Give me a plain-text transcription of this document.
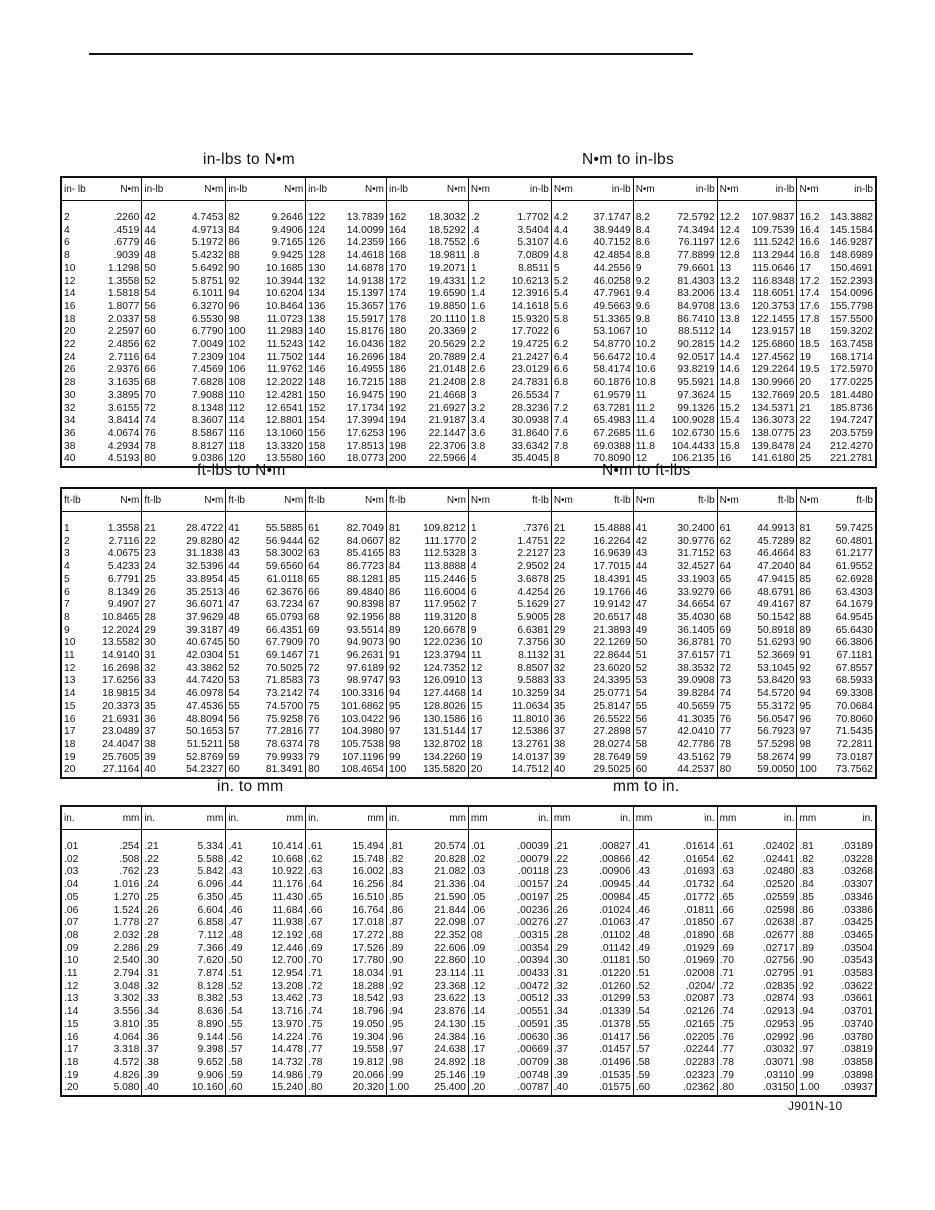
in-lbs to N•m	N•m to in-lbs
in- lb	N•m	in-lb	N•m	in-lb	N•m	in-lb	N•m	in-lb	N•m	N•m	in-lb	N•m	in-lb	N•m	in-lb	N•m	in-lb	N•m	in-lb

2	.2260	42	4.7453	82	9.2646	122	13.7839	162	18.3032	.2	1.7702	4.2	37.1747	8.2	72.5792	12.2	107.9837	16.2	143.3882
4	.4519	44	4.9713	84	9.4906	124	14.0099	164	18.5292	.4	3.5404	4.4	38.9449	8.4	74.3494	12.4	109.7539	16.4	145.1584
6	.6779	46	5.1972	86	9.7165	126	14.2359	166	18.7552	.6	5.3107	4.6	40.7152	8.6	76.1197	12.6	111.5242	16.6	146.9287
8	.9039	48	5.4232	88	9.9425	128	14.4618	168	18.9811	.8	7.0809	4.8	42.4854	8.8	77.8899	12.8	113.2944	16.8	148.6989
10	1.1298	50	5.6492	90	10.1685	130	14.6878	170	19.2071	1	8.8511	5	44.2556	9	79.6601	13	115.0646	17	150.4691
12	1.3558	52	5.8751	92	10.3944	132	14.9138	172	19.4331	1.2	10.6213	5.2	46.0258	9.2	81.4303	13.2	116.8348	17.2	152.2393
14	1.5818	54	6.1011	94	10.6204	134	15.1397	174	19.6590	1.4	12.3916	5.4	47.7961	9.4	83.2006	13.4	118.6051	17.4	154.0096
16	1.8077	56	6.3270	96	10.8464	136	15.3657	176	19.8850	1.6	14.1618	5.6	49.5663	9.6	84.9708	13.6	120.3753	17.6	155.7798
18	2.0337	58	6.5530	98	11.0723	138	15.5917	178	20.1110	1.8	15.9320	5.8	51.3365	9.8	86.7410	13.8	122.1455	17.8	157.5500
20	2.2597	60	6.7790	100	11.2983	140	15.8176	180	20.3369	2	17.7022	6	53.1067	10	88.5112	14	123.9157	18	159.3202
22	2.4856	62	7.0049	102	11.5243	142	16.0436	182	20.5629	2.2	19.4725	6.2	54.8770	10.2	90.2815	14.2	125.6860	18.5	163.7458
24	2.7116	64	7.2309	104	11.7502	144	16.2696	184	20.7889	2.4	21.2427	6.4	56.6472	10.4	92.0517	14.4	127.4562	19	168.1714
26	2.9376	66	7.4569	106	11.9762	146	16.4955	186	21.0148	2.6	23.0129	6.6	58.4174	10.6	93.8219	14.6	129.2264	19.5	172.5970
28	3.1635	68	7.6828	108	12.2022	148	16.7215	188	21.2408	2.8	24.7831	6.8	60.1876	10.8	95.5921	14.8	130.9966	20	177.0225
30	3.3895	70	7.9088	110	12.4281	150	16.9475	190	21.4668	3	26.5534	7	61.9579	11	97.3624	15	132.7669	20.5	181.4480
32	3.6155	72	8.1348	112	12.6541	152	17.1734	192	21.6927	3.2	28.3236	7.2	63.7281	11.2	99.1326	15.2	134.5371	21	185.8736
34	3.8414	74	8.3607	114	12.8801	154	17.3994	194	21.9187	3.4	30.0938	7.4	65.4983	11.4	100.9028	15.4	136.3073	22	194.7247
36	4.0674	76	8.5867	116	13.1060	156	17.6253	196	22.1447	3.6	31.8640	7.6	67.2685	11.6	102.6730	15.6	138.0775	23	203.5759
38	4.2934	78	8.8127	118	13.3320	158	17.8513	198	22.3706	3.8	33.6342	7.8	69.0388	11.8	104.4433	15.8	139.8478	24	212.4270
40	4.5193	80	9.0386	120	13.5580	160	18.0773	200	22.5966	4	35.4045	8	70.8090	12	106.2135	16	141.6180	25	221.2781

ft-lbs to N•m	N•m to ft-lbs
ft-lb	N•m	ft-lb	N•m	ft-lb	N•m	ft-lb	N•m	ft-lb	N•m	N•m	ft-lb	N•m	ft-lb	N•m	ft-lb	N•m	ft-lb	N•m	ft-lb

1	1.3558	21	28.4722	41	55.5885	61	82.7049	81	109.8212	1	.7376	21	15.4888	41	30.2400	61	44.9913	81	59.7425
2	2.7116	22	29.8280	42	56.9444	62	84.0607	82	111.1770	2	1.4751	22	16.2264	42	30.9776	62	45.7289	82	60.4801
3	4.0675	23	31.1838	43	58.3002	63	85.4165	83	112.5328	3	2.2127	23	16.9639	43	31.7152	63	46.4664	83	61.2177
4	5.4233	24	32.5396	44	59.6560	64	86.7723	84	113.8888	4	2.9502	24	17.7015	44	32.4527	64	47.2040	84	61.9552
5	6.7791	25	33.8954	45	61.0118	65	88.1281	85	115.2446	5	3.6878	25	18.4391	45	33.1903	65	47.9415	85	62.6928
6	8.1349	26	35.2513	46	62.3676	66	89.4840	86	116.6004	6	4.4254	26	19.1766	46	33.9279	66	48.6791	86	63.4303
7	9.4907	27	36.6071	47	63.7234	67	90.8398	87	117.9562	7	5.1629	27	19.9142	47	34.6654	67	49.4167	87	64.1679
8	10.8465	28	37.9629	48	65.0793	68	92.1956	88	119.3120	8	5.9005	28	20.6517	48	35.4030	68	50.1542	88	64.9545
9	12.2024	29	39.3187	49	66.4351	69	93.5514	89	120.6678	9	6.6381	29	21.3893	49	36.1405	69	50.8918	89	65.6430
10	13.5582	30	40.6745	50	67.7909	70	94.9073	90	122.0236	10	7.3756	30	22.1269	50	36.8781	70	51.6293	90	66.3806
11	14.9140	31	42.0304	51	69.1467	71	96.2631	91	123.3794	11	8.1132	31	22.8644	51	37.6157	71	52.3669	91	67.1181
12	16.2698	32	43.3862	52	70.5025	72	97.6189	92	124.7352	12	8.8507	32	23.6020	52	38.3532	72	53.1045	92	67.8557
13	17.6256	33	44.7420	53	71.8583	73	98.9747	93	126.0910	13	9.5883	33	24.3395	53	39.0908	73	53.8420	93	68.5933
14	18.9815	34	46.0978	54	73.2142	74	100.3316	94	127.4468	14	10.3259	34	25.0771	54	39.8284	74	54.5720	94	69.3308
15	20.3373	35	47.4536	55	74.5700	75	101.6862	95	128.8026	15	11.0634	35	25.8147	55	40.5659	75	55.3172	95	70.0684
16	21.6931	36	48.8094	56	75.9258	76	103.0422	96	130.1586	16	11.8010	36	26.5522	56	41.3035	76	56.0547	96	70.8060
17	23.0489	37	50.1653	57	77.2816	77	104.3980	97	131.5144	17	12.5386	37	27.2898	57	42.0410	77	56.7923	97	71.5435
18	24.4047	38	51.5211	58	78.6374	78	105.7538	98	132.8702	18	13.2761	38	28.0274	58	42.7786	78	57.5298	98	72.2811
19	25.7605	39	52.8769	59	79.9933	79	107.1196	99	134.2260	19	14.0137	39	28.7649	59	43.5162	79	58.2674	99	73.0187
20	27.1164	40	54.2327	60	81.3491	80	108.4654	100	135.5820	20	14.7512	40	29.5025	60	44.2537	80	59.0050	100	73.7562

in. to mm	mm to in.
in.	mm	in.	mm	in.	mm	in.	mm	in.	mm	mm	in.	mm	in.	mm	in.	mm	in.	mm	in.

.01	.254	.21	5.334	.41	10.414	.61	15.494	.81	20.574	.01	.00039	.21	.00827	.41	.01614	.61	.02402	.81	.03189
.02	.508	.22	5.588	.42	10.668	.62	15.748	.82	20.828	.02	.00079	.22	.00866	.42	.01654	.62	.02441	.82	.03228
.03	.762	.23	5.842	.43	10.922	.63	16.002	.83	21.082	.03	.00118	.23	.00906	.43	.01693	.63	.02480	.83	.03268
.04	1.016	.24	6.096	.44	11.176	.64	16.256	.84	21.336	.04	.00157	.24	.00945	.44	.01732	.64	.02520	.84	.03307
.05	1.270	.25	6.350	.45	11.430	.65	16.510	.85	21.590	.05	.00197	.25	.00984	.45	.01772	.65	.02559	.85	.03346
.06	1.524	.26	6.604	.46	11.684	.66	16.764	.86	21.844	.06	.00236	.26	.01024	.46	.01811	.66	.02598	.86	.03386
.07	1.778	.27	6.858	.47	11.938	.67	17.018	.87	22.098	.07	.00276	.27	.01063	.47	.01850	.67	.02638	.87	.03425
.08	2.032	.28	7.112	.48	12.192	.68	17.272	.88	22.352	08	.00315	.28	.01102	.48	.01890	.68	.02677	.88	.03465
.09	2.286	.29	7.366	.49	12.446	.69	17.526	.89	22.606	.09	.00354	.29	.01142	.49	.01929	.69	.02717	.89	.03504
.10	2.540	.30	7.620	.50	12.700	.70	17.780	.90	22.860	.10	.00394	.30	.01181	.50	.01969	.70	.02756	.90	.03543
.11	2.794	.31	7.874	.51	12.954	.71	18.034	.91	23.114	.11	.00433	.31	.01220	.51	.02008	.71	.02795	.91	.03583
.12	3.048	.32	8.128	.52	13.208	.72	18.288	.92	23.368	.12	.00472	.32	.01260	.52	.0204/	.72	.02835	.92	.03622
.13	3.302	.33	8.382	.53	13.462	.73	18.542	.93	23.622	.13	.00512	.33	.01299	.53	.02087	.73	.02874	.93	.03661
.14	3.556	.34	8.636	.54	13.716	.74	18.796	.94	23.876	.14	.00551	.34	.01339	.54	.02126	.74	.02913	.94	.03701
.15	3.810	.35	8.890	.55	13.970	.75	19.050	.95	24.130	.15	.00591	.35	.01378	.55	.02165	.75	.02953	.95	.03740
.16	4.064	.36	9.144	.56	14.224	.76	19.304	.96	24.384	.16	.00630	.36	.01417	.56	.02205	.76	.02992	.96	.03780
.17	3.318	.37	9.398	.57	14.478	.77	19.558	.97	24.638	.17	.00669	.37	.01457	.57	.02244	.77	.03032	.97	.03819
.18	4.572	.38	9.652	.58	14.732	.78	19.812	.98	24.892	.18	.00709	.38	.01496	.58	.02283	.78	.03071	.98	.03858
.19	4.826	.39	9.906	.59	14.986	.79	20.066	.99	25.146	.19	.00748	.39	.01535	.59	.02323	.79	.03110	.99	.03898
.20	5.080	.40	10.160	.60	15.240	.80	20.320	1.00	25.400	.20	.00787	.40	.01575	.60	.02362	.80	.03150	1.00	.03937

J901N-10
